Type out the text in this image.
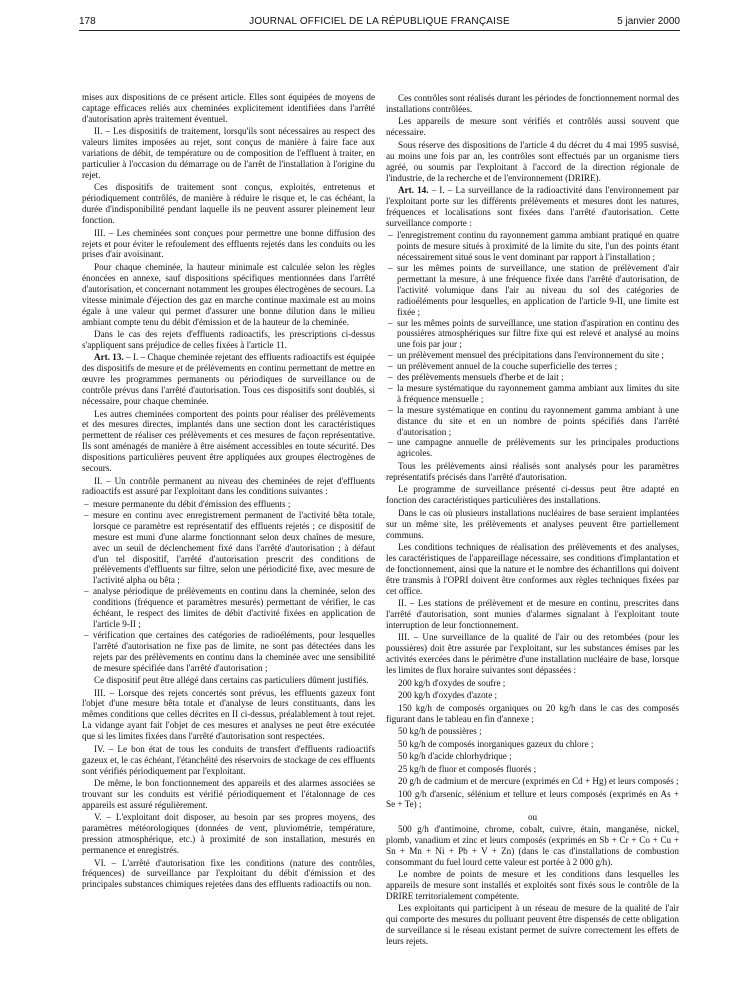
178	JOURNAL OFFICIEL DE LA RÉPUBLIQUE FRANÇAISE	5 janvier 2000

mises aux dispositions de ce présent article. Elles sont équipées de moyens de captage efficaces reliés aux cheminées explicitement identifiées dans l'arrêté d'autorisation après traitement éventuel.

II. – Les dispositifs de traitement, lorsqu'ils sont nécessaires au respect des valeurs limites imposées au rejet, sont conçus de manière à faire face aux variations de débit, de température ou de composition de l'effluent à traiter, en particulier à l'occasion du démarrage ou de l'arrêt de l'installation à l'origine du rejet.

Ces dispositifs de traitement sont conçus, exploités, entretenus et périodiquement contrôlés, de manière à réduire le risque et, le cas échéant, la durée d'indisponibilité pendant laquelle ils ne peuvent assurer pleinement leur fonction.

III. – Les cheminées sont conçues pour permettre une bonne diffusion des rejets et pour éviter le refoulement des effluents rejetés dans les conduits ou les prises d'air avoisinant.

Pour chaque cheminée, la hauteur minimale est calculée selon les règles énoncées en annexe, sauf dispositions spécifiques mentionnées dans l'arrêté d'autorisation, et concernant notamment les groupes électrogènes de secours. La vitesse minimale d'éjection des gaz en marche continue maximale est au moins égale à une valeur qui permet d'assurer une bonne dilution dans le milieu ambiant compte tenu du débit d'émission et de la hauteur de la cheminée.

Dans le cas des rejets d'effluents radioactifs, les prescriptions ci-dessus s'appliquent sans préjudice de celles fixées à l'article 11.

Art. 13. – I. – Chaque cheminée rejetant des effluents radioactifs est équipée des dispositifs de mesure et de prélèvements en continu permettant de mettre en œuvre les programmes permanents ou périodiques de surveillance ou de contrôle prévus dans l'arrêté d'autorisation. Tous ces dispositifs sont doublés, si nécessaire, pour chaque cheminée.

Les autres cheminées comportent des points pour réaliser des prélèvements et des mesures directes, implantés dans une section dont les caractéristiques permettent de réaliser ces prélèvements et ces mesures de façon représentative. Ils sont aménagés de manière à être aisément accessibles en toute sécurité. Des dispositions particulières peuvent être appliquées aux groupes électrogènes de secours.

II. – Un contrôle permanent au niveau des cheminées de rejet d'effluents radioactifs est assuré par l'exploitant dans les conditions suivantes :

– mesure permanente du débit d'émission des effluents ;
– mesure en continu avec enregistrement permanent de l'activité bêta totale, lorsque ce paramètre est représentatif des effluents rejetés ; ce dispositif de mesure est muni d'une alarme fonctionnant selon deux chaînes de mesure, avec un seuil de déclenchement fixé dans l'arrêté d'autorisation ; à défaut d'un tel dispositif, l'arrêté d'autorisation prescrit des conditions de prélèvements d'effluents sur filtre, selon une périodicité fixe, avec mesure de l'activité alpha ou bêta ;
– analyse périodique de prélèvements en continu dans la cheminée, selon des conditions (fréquence et paramètres mesurés) permettant de vérifier, le cas échéant, le respect des limites de débit d'activité fixées en application de l'article 9-II ;
– vérification que certaines des catégories de radioéléments, pour lesquelles l'arrêté d'autorisation ne fixe pas de limite, ne sont pas détectées dans les rejets par des prélèvements en continu dans la cheminée avec une sensibilité de mesure spécifiée dans l'arrêté d'autorisation ;

Ce dispositif peut être allégé dans certains cas particuliers dûment justifiés.

III. – Lorsque des rejets concertés sont prévus, les effluents gazeux font l'objet d'une mesure bêta totale et d'analyse de leurs constituants, dans les mêmes conditions que celles décrites en II ci-dessus, préalablement à tout rejet. La vidange ayant fait l'objet de ces mesures et analyses ne peut être exécutée que si les limites fixées dans l'arrêté d'autorisation sont respectées.

IV. – Le bon état de tous les conduits de transfert d'effluents radioactifs gazeux et, le cas échéant, l'étanchéité des réservoirs de stockage de ces effluents sont vérifiés périodiquement par l'exploitant.

De même, le bon fonctionnement des appareils et des alarmes associées se trouvant sur les conduits est vérifié périodiquement et l'étalonnage de ces appareils est assuré régulièrement.

V. – L'exploitant doit disposer, au besoin par ses propres moyens, des paramètres météorologiques (données de vent, pluviométrie, température, pression atmosphérique, etc.) à proximité de son installation, mesurés en permanence et enregistrés.

VI. – L'arrêté d'autorisation fixe les conditions (nature des contrôles, fréquences) de surveillance par l'exploitant du débit d'émission et des principales substances chimiques rejetées dans des effluents radioactifs ou non.

Ces contrôles sont réalisés durant les périodes de fonctionnement normal des installations contrôlées.

Les appareils de mesure sont vérifiés et contrôlés aussi souvent que nécessaire.

Sous réserve des dispositions de l'article 4 du décret du 4 mai 1995 susvisé, au moins une fois par an, les contrôles sont effectués par un organisme tiers agréé, ou soumis par l'exploitant à l'accord de la direction régionale de l'industrie, de la recherche et de l'environnement (DRIRE).

Art. 14. – I. – La surveillance de la radioactivité dans l'environnement par l'exploitant porte sur les différents prélèvements et mesures dont les natures, fréquences et localisations sont fixées dans l'arrêté d'autorisation. Cette surveillance comporte :

– l'enregistrement continu du rayonnement gamma ambiant pratiqué en quatre points de mesure situés à proximité de la limite du site, l'un des points étant nécessairement situé sous le vent dominant par rapport à l'installation ;
– sur les mêmes points de surveillance, une station de prélèvement d'air permettant la mesure, à une fréquence fixée dans l'arrêté d'autorisation, de l'activité volumique dans l'air au niveau du sol des catégories de radioéléments pour lesquelles, en application de l'article 9-II, une limite est fixée ;
– sur les mêmes points de surveillance, une station d'aspiration en continu des poussières atmosphériques sur filtre fixe qui est relevé et analysé au moins une fois par jour ;
– un prélèvement mensuel des précipitations dans l'environnement du site ;
– un prélèvement annuel de la couche superficielle des terres ;
– des prélèvements mensuels d'herbe et de lait ;
– la mesure systématique du rayonnement gamma ambiant aux limites du site à fréquence mensuelle ;
– la mesure systématique en continu du rayonnement gamma ambiant à une distance du site et en un nombre de points spécifiés dans l'arrêté d'autorisation ;
– une campagne annuelle de prélèvements sur les principales productions agricoles.

Tous les prélèvements ainsi réalisés sont analysés pour les paramètres représentatifs précisés dans l'arrêté d'autorisation.

Le programme de surveillance présenté ci-dessus peut être adapté en fonction des caractéristiques particulières des installations.

Dans le cas où plusieurs installations nucléaires de base seraient implantées sur un même site, les prélèvements et analyses peuvent être partiellement communs.

Les conditions techniques de réalisation des prélèvements et des analyses, les caractéristiques de l'appareillage nécessaire, ses conditions d'implantation et de fonctionnement, ainsi que la nature et le nombre des échantillons qui doivent être transmis à l'OPRI doivent être conformes aux règles techniques fixées par cet office.

II. – Les stations de prélèvement et de mesure en continu, prescrites dans l'arrêté d'autorisation, sont munies d'alarmes signalant à l'exploitant toute interruption de leur fonctionnement.

III. – Une surveillance de la qualité de l'air ou des retombées (pour les poussières) doit être assurée par l'exploitant, sur les substances émises par les activités exercées dans le périmètre d'une installation nucléaire de base, lorsque les limites de flux horaire suivantes sont dépassées :

200 kg/h d'oxydes de soufre ;

200 kg/h d'oxydes d'azote ;

150 kg/h de composés organiques ou 20 kg/h dans le cas des composés figurant dans le tableau en fin d'annexe ;

50 kg/h de poussières ;

50 kg/h de composés inorganiques gazeux du chlore ;

50 kg/h d'acide chlorhydrique ;

25 kg/h de fluor et composés fluorés ;

20 g/h de cadmium et de mercure (exprimés en Cd + Hg) et leurs composés ;

100 g/h d'arsenic, sélénium et tellure et leurs composés (exprimés en As + Se + Te) ;

ou

500 g/h d'antimoine, chrome, cobalt, cuivre, étain, manganèse, nickel, plomb, vanadium et zinc et leurs composés (exprimés en Sb + Cr + Co + Cu + Sn + Mn + Ni + Pb + V + Zn) (dans le cas d'installations de combustion consommant du fuel lourd cette valeur est portée à 2 000 g/h).

Le nombre de points de mesure et les conditions dans lesquelles les appareils de mesure sont installés et exploités sont fixés sous le contrôle de la DRIRE territorialement compétente.

Les exploitants qui participent à un réseau de mesure de la qualité de l'air qui comporte des mesures du polluant peuvent être dispensés de cette obligation de surveillance si le réseau existant permet de suivre correctement les effets de leurs rejets.
